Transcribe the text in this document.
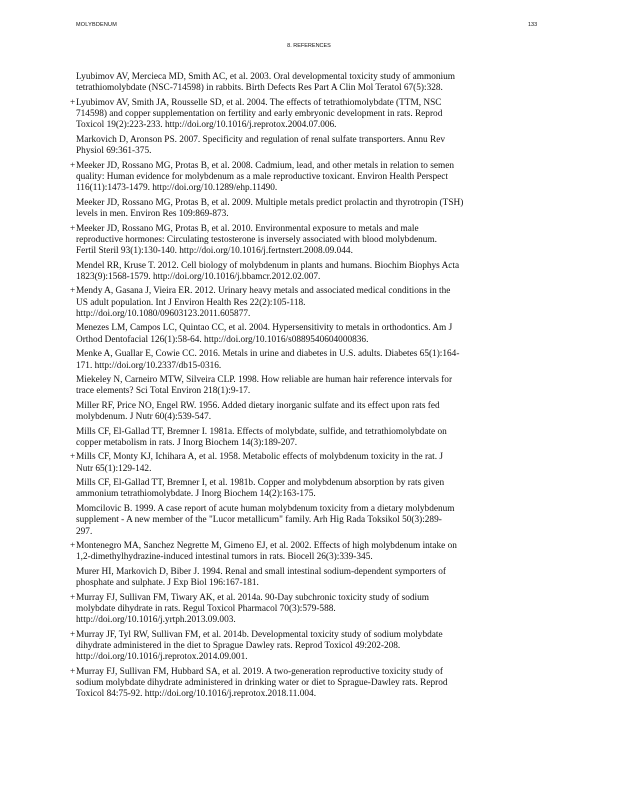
MOLYBDENUM	133
8. REFERENCES
Lyubimov AV, Mercieca MD, Smith AC, et al. 2003. Oral developmental toxicity study of ammonium
tetrathiomolybdate (NSC-714598) in rabbits. Birth Defects Res Part A Clin Mol Teratol 67(5):328.
+ Lyubimov AV, Smith JA, Rousselle SD, et al. 2004. The effects of tetrathiomolybdate (TTM, NSC
714598) and copper supplementation on fertility and early embryonic development in rats. Reprod
Toxicol 19(2):223-233. http://doi.org/10.1016/j.reprotox.2004.07.006.
Markovich D, Aronson PS. 2007. Specificity and regulation of renal sulfate transporters. Annu Rev
Physiol 69:361-375.
+ Meeker JD, Rossano MG, Protas B, et al. 2008. Cadmium, lead, and other metals in relation to semen
quality: Human evidence for molybdenum as a male reproductive toxicant. Environ Health Perspect
116(11):1473-1479. http://doi.org/10.1289/ehp.11490.
Meeker JD, Rossano MG, Protas B, et al. 2009. Multiple metals predict prolactin and thyrotropin (TSH)
levels in men. Environ Res 109:869-873.
+ Meeker JD, Rossano MG, Protas B, et al. 2010. Environmental exposure to metals and male
reproductive hormones: Circulating testosterone is inversely associated with blood molybdenum.
Fertil Steril 93(1):130-140. http://doi.org/10.1016/j.fertnstert.2008.09.044.
Mendel RR, Kruse T. 2012. Cell biology of molybdenum in plants and humans. Biochim Biophys Acta
1823(9):1568-1579. http://doi.org/10.1016/j.bbamcr.2012.02.007.
+ Mendy A, Gasana J, Vieira ER. 2012. Urinary heavy metals and associated medical conditions in the
US adult population. Int J Environ Health Res 22(2):105-118.
http://doi.org/10.1080/09603123.2011.605877.
Menezes LM, Campos LC, Quintao CC, et al. 2004. Hypersensitivity to metals in orthodontics. Am J
Orthod Dentofacial 126(1):58-64. http://doi.org/10.1016/s0889540604000836.
Menke A, Guallar E, Cowie CC. 2016. Metals in urine and diabetes in U.S. adults. Diabetes 65(1):164-
171. http://doi.org/10.2337/db15-0316.
Miekeley N, Carneiro MTW, Silveira CLP. 1998. How reliable are human hair reference intervals for
trace elements? Sci Total Environ 218(1):9-17.
Miller RF, Price NO, Engel RW. 1956. Added dietary inorganic sulfate and its effect upon rats fed
molybdenum. J Nutr 60(4):539-547.
Mills CF, El-Gallad TT, Bremner I. 1981a. Effects of molybdate, sulfide, and tetrathiomolybdate on
copper metabolism in rats. J Inorg Biochem 14(3):189-207.
+ Mills CF, Monty KJ, Ichihara A, et al. 1958. Metabolic effects of molybdenum toxicity in the rat. J
Nutr 65(1):129-142.
Mills CF, El-Gallad TT, Bremner I, et al. 1981b. Copper and molybdenum absorption by rats given
ammonium tetrathiomolybdate. J Inorg Biochem 14(2):163-175.
Momcilovic B. 1999. A case report of acute human molybdenum toxicity from a dietary molybdenum
supplement - A new member of the "Lucor metallicum" family. Arh Hig Rada Toksikol 50(3):289-
297.
+ Montenegro MA, Sanchez Negrette M, Gimeno EJ, et al. 2002. Effects of high molybdenum intake on
1,2-dimethylhydrazine-induced intestinal tumors in rats. Biocell 26(3):339-345.
Murer HI, Markovich D, Biber J. 1994. Renal and small intestinal sodium-dependent symporters of
phosphate and sulphate. J Exp Biol 196:167-181.
+ Murray FJ, Sullivan FM, Tiwary AK, et al. 2014a. 90-Day subchronic toxicity study of sodium
molybdate dihydrate in rats. Regul Toxicol Pharmacol 70(3):579-588.
http://doi.org/10.1016/j.yrtph.2013.09.003.
+ Murray JF, Tyl RW, Sullivan FM, et al. 2014b. Developmental toxicity study of sodium molybdate
dihydrate administered in the diet to Sprague Dawley rats. Reprod Toxicol 49:202-208.
http://doi.org/10.1016/j.reprotox.2014.09.001.
+ Murray FJ, Sullivan FM, Hubbard SA, et al. 2019. A two-generation reproductive toxicity study of
sodium molybdate dihydrate administered in drinking water or diet to Sprague-Dawley rats. Reprod
Toxicol 84:75-92. http://doi.org/10.1016/j.reprotox.2018.11.004.
